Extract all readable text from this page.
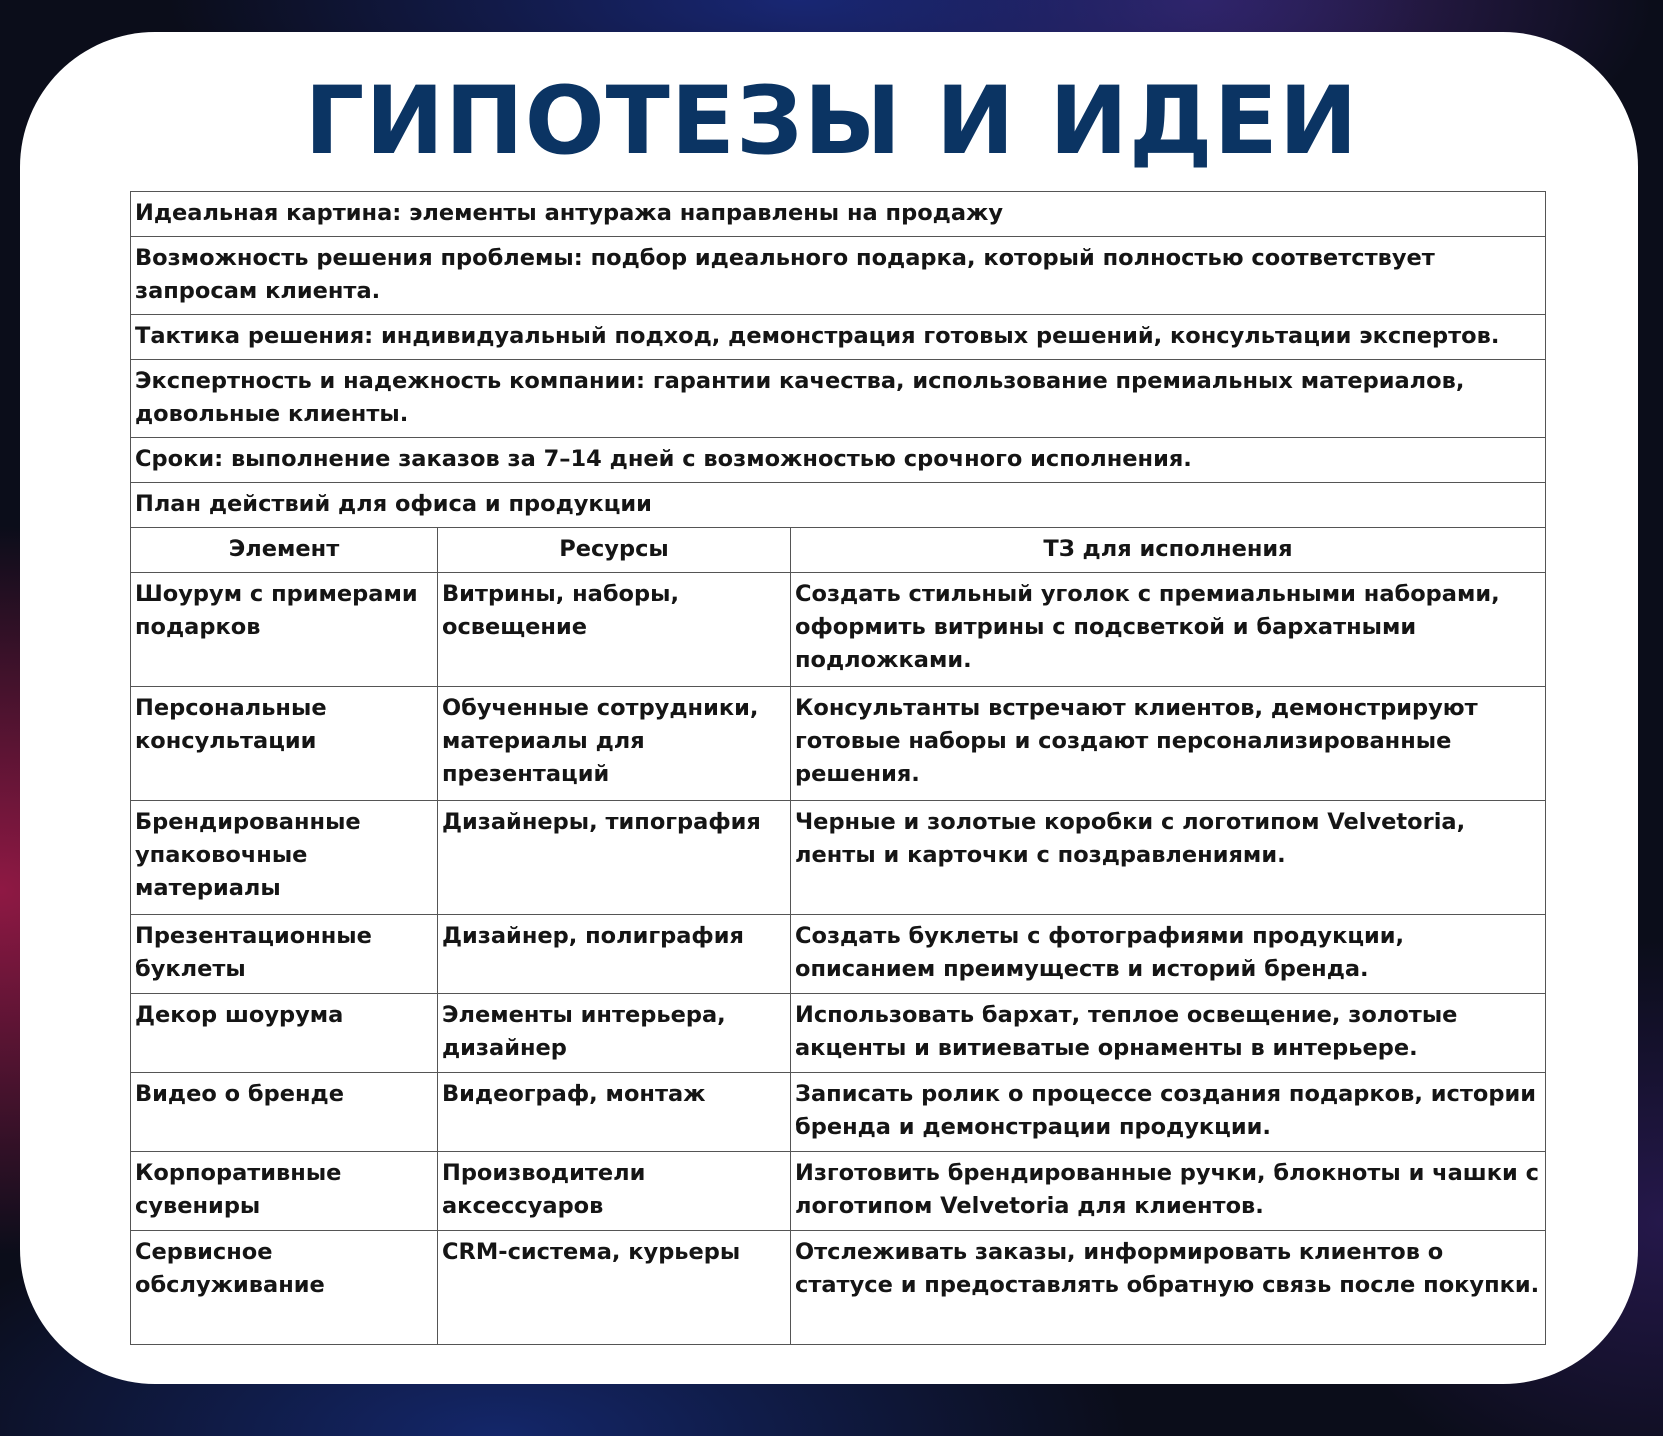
ГИПОТЕЗЫ И ИДЕИ
Идеальная картина: элементы антуража направлены на продажу		
Возможность решения проблемы: подбор идеального подарка, который полностью соответствует запросам клиента.		
Тактика решения: индивидуальный подход, демонстрация готовых решений, консультации экспертов.		
Экспертность и надежность компании: гарантии качества, использование премиальных материалов, довольные клиенты.		
Сроки: выполнение заказов за 7–14 дней с возможностью срочного исполнения.		
План действий для офиса и продукции		
Элемент	Ресурсы	ТЗ для исполнения
Шоурум с примерами подарков	Витрины, наборы, освещение	Создать стильный уголок с премиальными наборами, оформить витрины с подсветкой и бархатными подложками.
Персональные консультации	Обученные сотрудники, материалы для презентаций	Консультанты встречают клиентов, демонстрируют готовые наборы и создают персонализированные решения.
Брендированные упаковочные материалы	Дизайнеры, типография	Черные и золотые коробки с логотипом Velvetoria, ленты и карточки с поздравлениями.
Презентационные буклеты	Дизайнер, полиграфия	Создать буклеты с фотографиями продукции, описанием преимуществ и историй бренда.
Декор шоурума	Элементы интерьера, дизайнер	Использовать бархат, теплое освещение, золотые акценты и витиеватые орнаменты в интерьере.
Видео о бренде	Видеограф, монтаж	Записать ролик о процессе создания подарков, истории бренда и демонстрации продукции.
Корпоративные сувениры	Производители аксессуаров	Изготовить брендированные ручки, блокноты и чашки с логотипом Velvetoria для клиентов.
Сервисное обслуживание	CRM-система, курьеры	Отслеживать заказы, информировать клиентов о статусе и предоставлять обратную связь после покупки.
